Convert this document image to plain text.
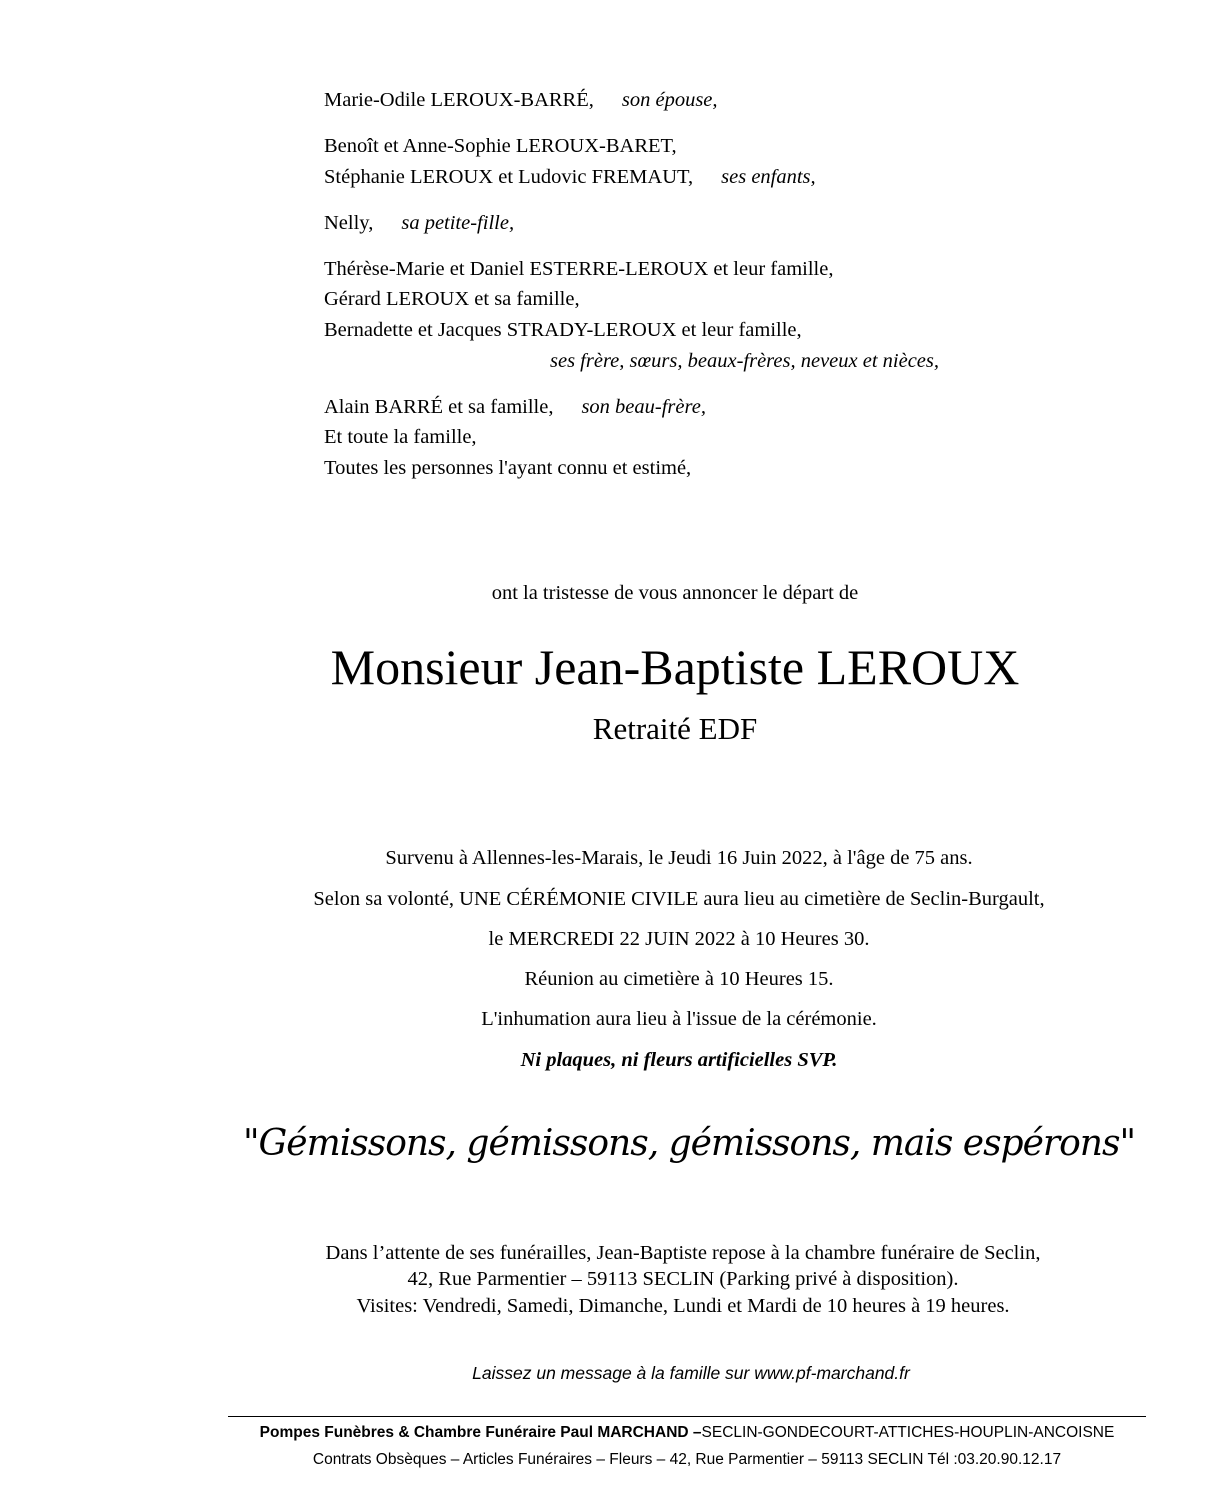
Marie-Odile LEROUX-BARRÉ, son épouse,
Benoît et Anne-Sophie LEROUX-BARET,
Stéphanie LEROUX et Ludovic FREMAUT, ses enfants,
Nelly, sa petite-fille,
Thérèse-Marie et Daniel ESTERRE-LEROUX et leur famille,
Gérard LEROUX et sa famille,
Bernadette et Jacques STRADY-LEROUX et leur famille,
ses frère, sœurs, beaux-frères, neveux et nièces,
Alain BARRÉ et sa famille, son beau-frère,
Et toute la famille,
Toutes les personnes l'ayant connu et estimé,
ont la tristesse de vous annoncer le départ de
Monsieur Jean-Baptiste LEROUX
Retraité EDF
Survenu à Allennes-les-Marais, le Jeudi 16 Juin 2022, à l'âge de 75 ans.
Selon sa volonté, UNE CÉRÉMONIE CIVILE aura lieu au cimetière de Seclin-Burgault,
le MERCREDI 22 JUIN 2022 à 10 Heures 30.
Réunion au cimetière à 10 Heures 15.
L'inhumation aura lieu à l'issue de la cérémonie.
Ni plaques, ni fleurs artificielles SVP.
"Gémissons, gémissons, gémissons, mais espérons"
Dans l’attente de ses funérailles, Jean-Baptiste repose à la chambre funéraire de Seclin,
42, Rue Parmentier – 59113 SECLIN (Parking privé à disposition).
Visites: Vendredi, Samedi, Dimanche, Lundi et Mardi de 10 heures à 19 heures.
Laissez un message à la famille sur www.pf-marchand.fr
Pompes Funèbres & Chambre Funéraire Paul MARCHAND –SECLIN-GONDECOURT-ATTICHES-HOUPLIN-ANCOISNE
Contrats Obsèques – Articles Funéraires – Fleurs – 42, Rue Parmentier – 59113 SECLIN Tél :03.20.90.12.17
